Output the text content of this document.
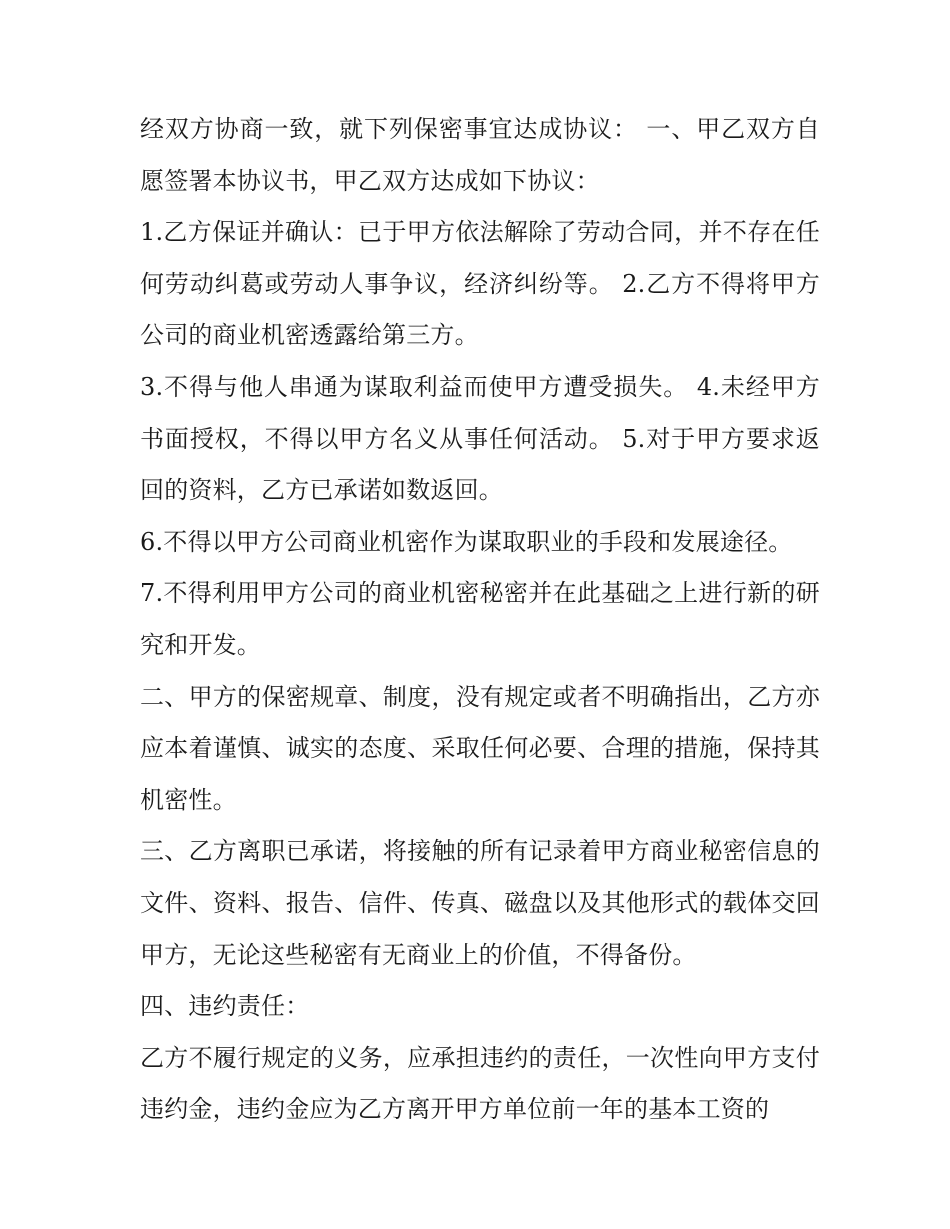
经双方协商一致，就下列保密事宜达成协议： 一、甲乙双方自愿签署本协议书，甲乙双方达成如下协议：

1.乙方保证并确认：已于甲方依法解除了劳动合同，并不存在任何劳动纠葛或劳动人事争议，经济纠纷等。 2.乙方不得将甲方公司的商业机密透露给第三方。

3.不得与他人串通为谋取利益而使甲方遭受损失。 4.未经甲方书面授权，不得以甲方名义从事任何活动。 5.对于甲方要求返回的资料，乙方已承诺如数返回。

6.不得以甲方公司商业机密作为谋取职业的手段和发展途径。

7.不得利用甲方公司的商业机密秘密并在此基础之上进行新的研究和开发。

二、甲方的保密规章、制度，没有规定或者不明确指出，乙方亦应本着谨慎、诚实的态度、采取任何必要、合理的措施，保持其机密性。

三、乙方离职已承诺，将接触的所有记录着甲方商业秘密信息的文件、资料、报告、信件、传真、磁盘以及其他形式的载体交回甲方，无论这些秘密有无商业上的价值，不得备份。

四、违约责任：

乙方不履行规定的义务，应承担违约的责任，一次性向甲方支付违约金，违约金应为乙方离开甲方单位前一年的基本工资的
